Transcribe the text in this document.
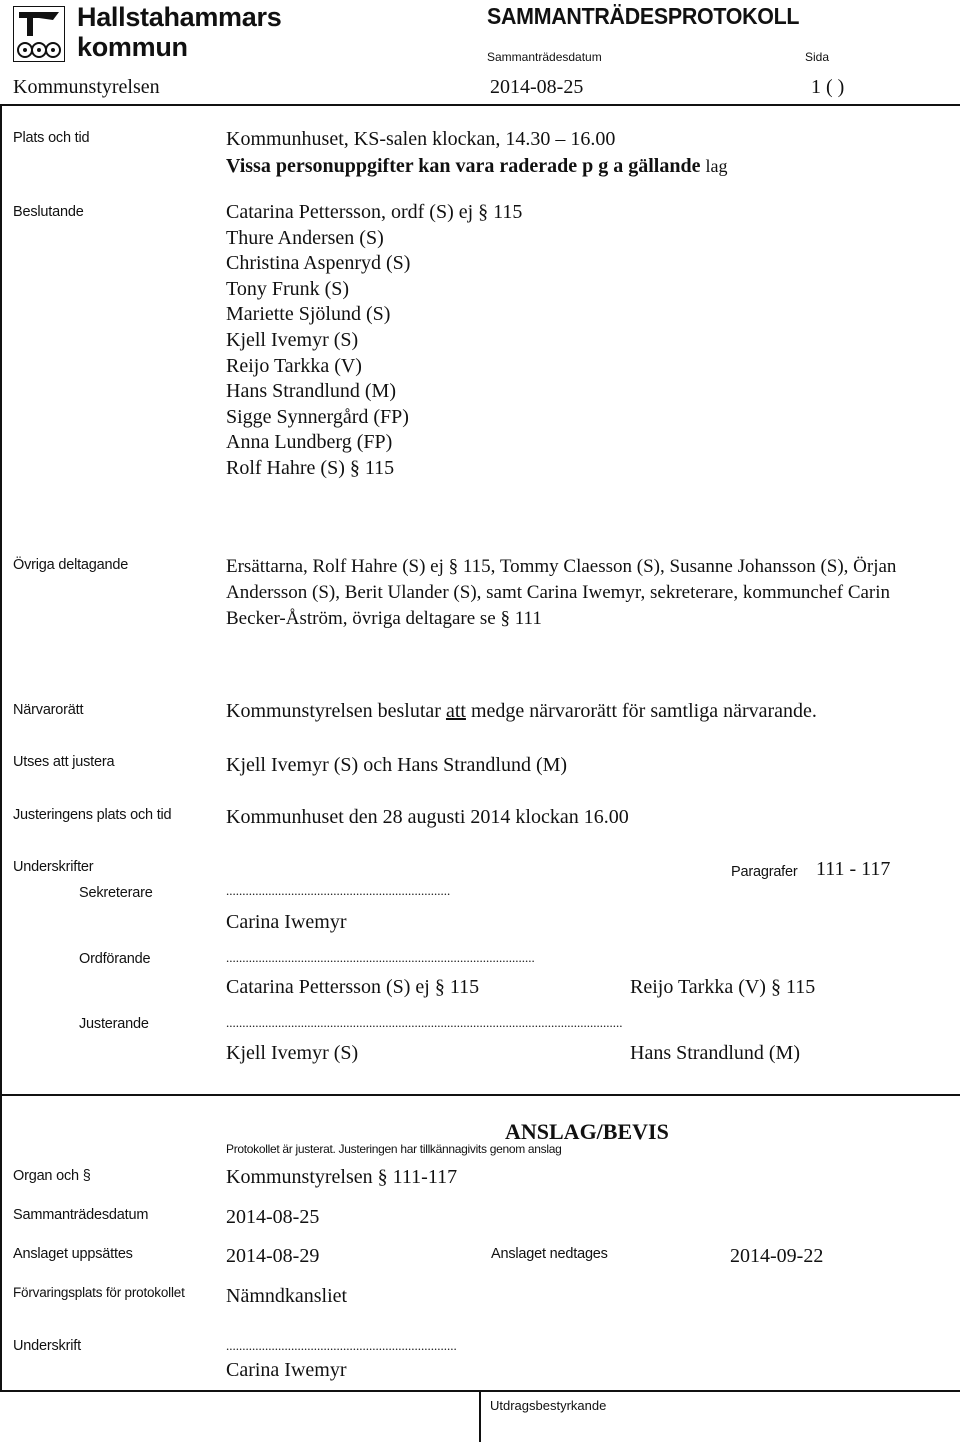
Hallstahammars
kommun
SAMMANTRÄDESPROTOKOLL
Sammanträdesdatum	Sida
Kommunstyrelsen	2014-08-25	1 ( )
Plats och tid	Kommunhuset, KS-salen klockan, 14.30 – 16.00
Vissa personuppgifter kan vara raderade p g a gällande lag
Beslutande	Catarina Pettersson, ordf (S) ej § 115
Thure Andersen (S)
Christina Aspenryd (S)
Tony Frunk (S)
Mariette Sjölund (S)
Kjell Ivemyr (S)
Reijo Tarkka (V)
Hans Strandlund (M)
Sigge Synnergård (FP)
Anna Lundberg (FP)
Rolf Hahre (S) § 115
Övriga deltagande	Ersättarna, Rolf Hahre (S) ej § 115, Tommy Claesson (S), Susanne Johansson (S), Örjan Andersson (S), Berit Ulander (S), samt Carina Iwemyr, sekreterare, kommunchef Carin Becker-Åström, övriga deltagare se § 111
Närvarorätt	Kommunstyrelsen beslutar att medge närvarorätt för samtliga närvarande.
Utses att justera	Kjell Ivemyr (S) och Hans Strandlund (M)
Justeringens plats och tid	Kommunhuset den 28 augusti 2014 klockan 16.00
Underskrifter	Paragrafer 111 - 117
Sekreterare	.....................................................................
Carina Iwemyr
Ordförande	...............................................................................................
Catarina Pettersson (S) ej § 115	Reijo Tarkka (V) § 115
Justerande	..........................................................................................................................
Kjell Ivemyr (S)	Hans Strandlund (M)
ANSLAG/BEVIS
Protokollet är justerat. Justeringen har tillkännagivits genom anslag
Organ och §	Kommunstyrelsen § 111-117
Sammanträdesdatum	2014-08-25
Anslaget uppsättes	2014-08-29	Anslaget nedtages	2014-09-22
Förvaringsplats för protokollet Nämndkansliet
Underskrift	.......................................................................
Carina Iwemyr
Utdragsbestyrkande
